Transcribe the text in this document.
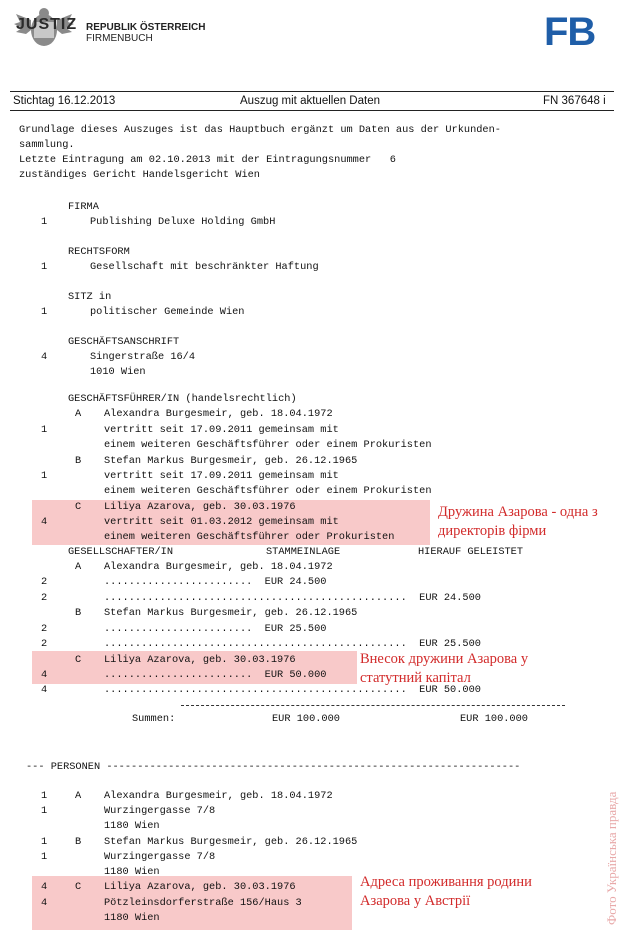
JUSTIZ REPUBLIK ÖSTERREICH
FIRMENBUCH	FB
Stichtag 16.12.2013	Auszug mit aktuellen Daten	FN 367648 i
Grundlage dieses Auszuges ist das Hauptbuch ergänzt um Daten aus der Urkunden-
sammlung.
Letzte Eintragung am 02.10.2013 mit der Eintragungsnummer   6
zuständiges Gericht Handelsgericht Wien
FIRMA
1	Publishing Deluxe Holding GmbH
RECHTSFORM
1	Gesellschaft mit beschränkter Haftung
SITZ in
1	politischer Gemeinde Wien
GESCHÄFTSANSCHRIFT
4	Singerstraße 16/4
1010 Wien
GESCHÄFTSFÜHRER/IN (handelsrechtlich)
A Alexandra Burgesmeir, geb. 18.04.1972
1	vertritt seit 17.09.2011 gemeinsam mit
einem weiteren Geschäftsführer oder einem Prokuristen
B Stefan Markus Burgesmeir, geb. 26.12.1965
1	vertritt seit 17.09.2011 gemeinsam mit
einem weiteren Geschäftsführer oder einem Prokuristen
C Liliya Azarova, geb. 30.03.1976
4	vertritt seit 01.03.2012 gemeinsam mit
einem weiteren Geschäftsführer oder Prokuristen
GESELLSCHAFTER/IN	STAMMEINLAGE	HIERAUF GELEISTET
A Alexandra Burgesmeir, geb. 18.04.1972
2	........................  EUR 24.500
2	.................................................  EUR 24.500
B Stefan Markus Burgesmeir, geb. 26.12.1965
2	........................  EUR 25.500
2	.................................................  EUR 25.500
C Liliya Azarova, geb. 30.03.1976
4	........................  EUR 50.000
4	.................................................  EUR 50.000
Summen:	EUR 100.000	EUR 100.000
--- PERSONEN -------------------------------------------------------------------
1	A Alexandra Burgesmeir, geb. 18.04.1972
1	Wurzingergasse 7/8
1180 Wien
1	B Stefan Markus Burgesmeir, geb. 26.12.1965
1	Wurzingergasse 7/8
1180 Wien
4	C Liliya Azarova, geb. 30.03.1976
4	Pötzleinsdorferstraße 156/Haus 3
1180 Wien
Дружина Азарова - одна з директорів фірми
Внесок дружини Азарова у статутний капітал
Адреса проживання родини Азарова у Австрії	Фото Українська правда
